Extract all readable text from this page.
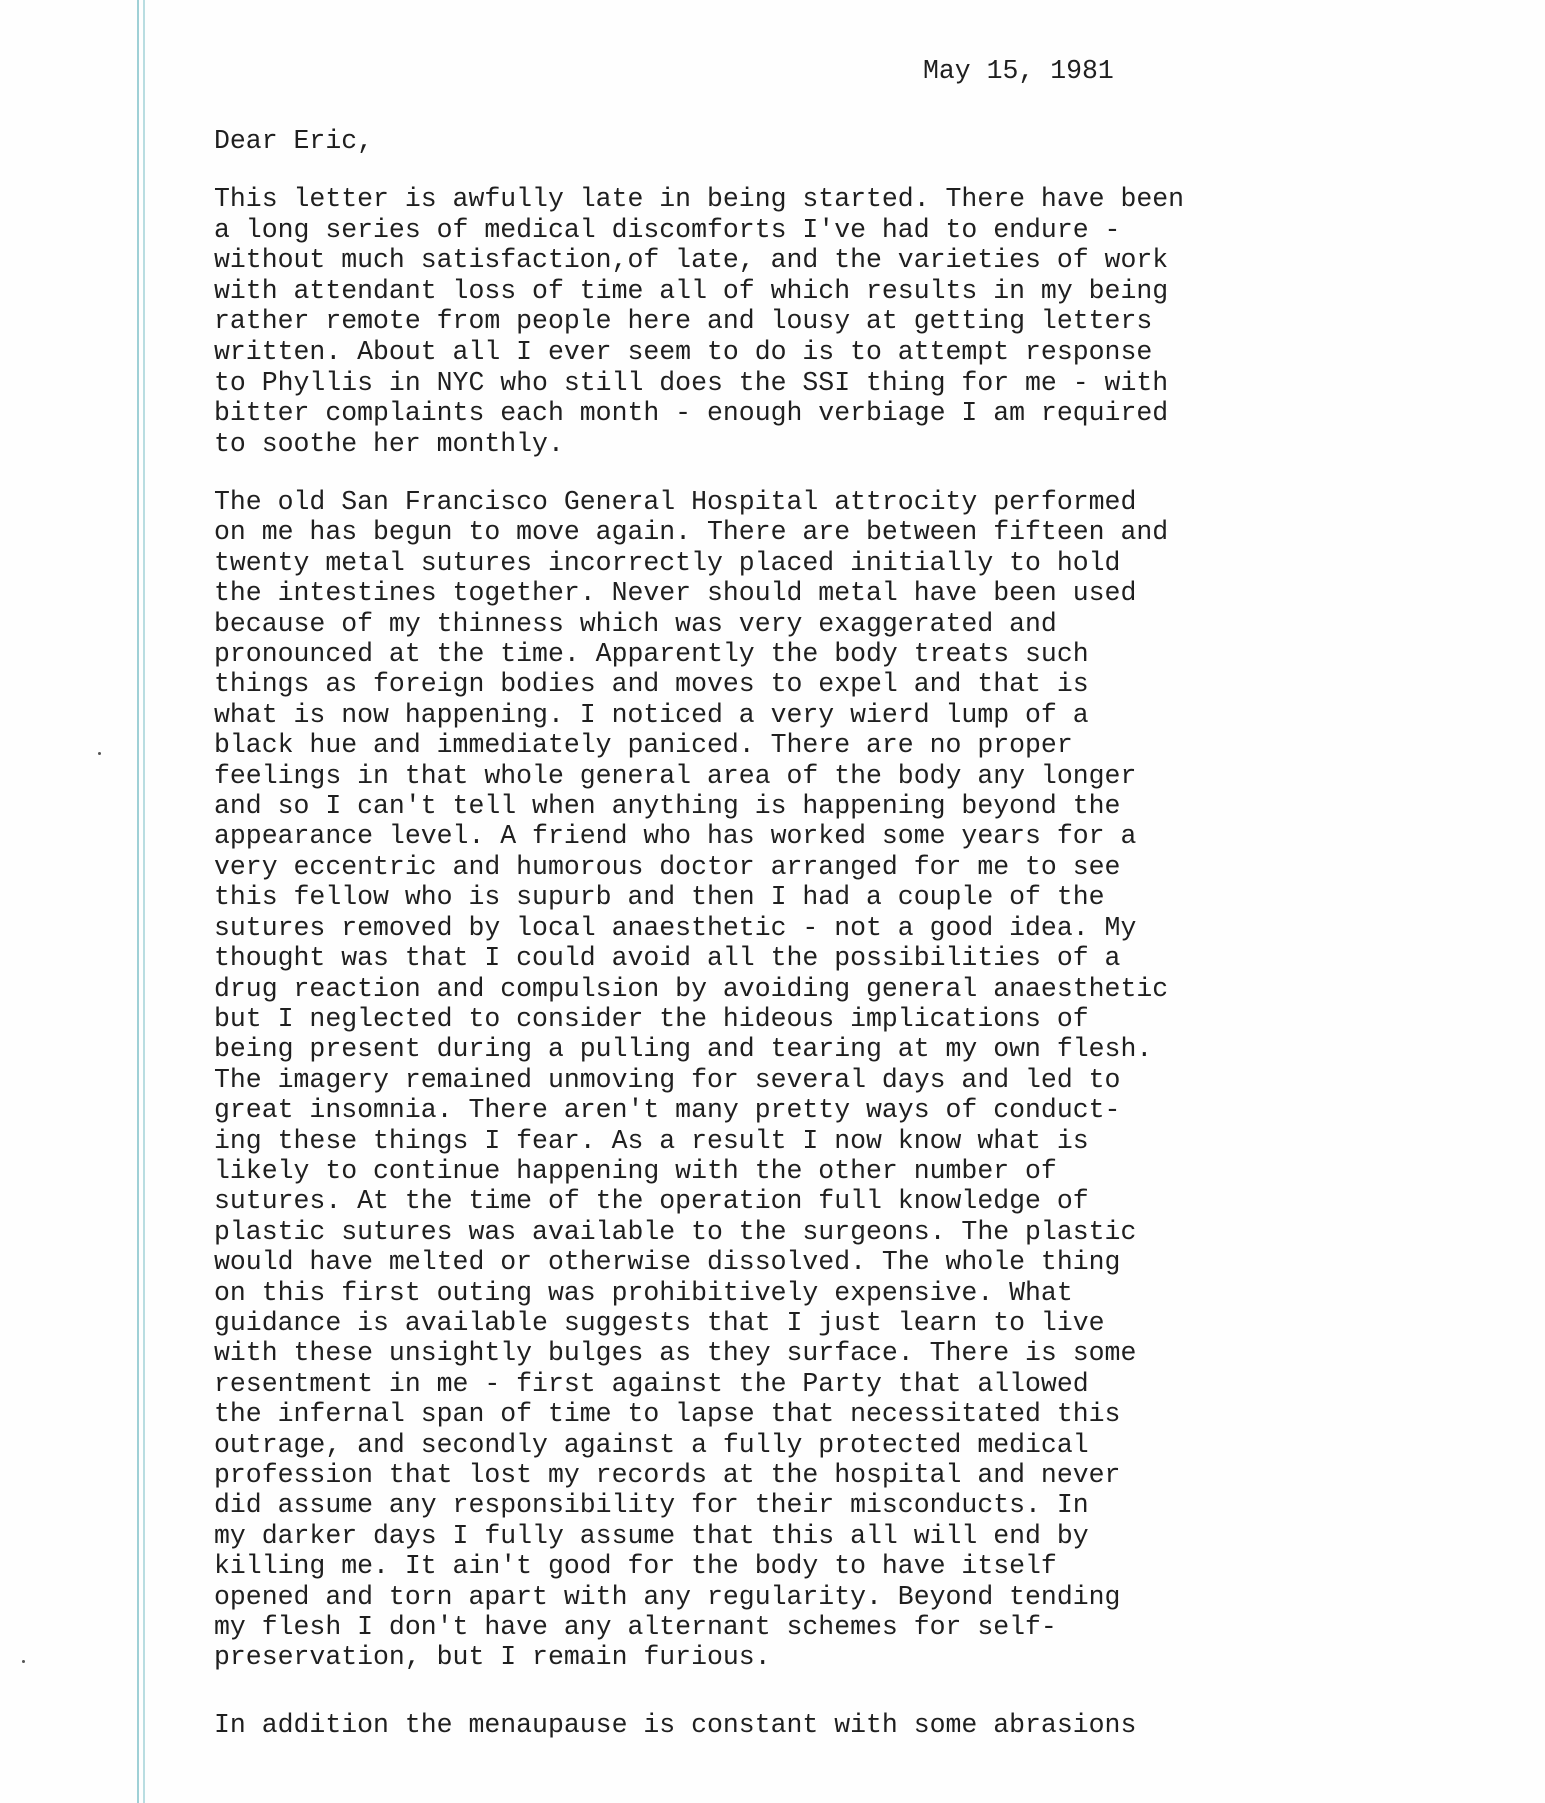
May 15, 1981
Dear Eric,
This letter is awfully late in being started. There have been
a long series of medical discomforts I've had to endure -
without much satisfaction,of late, and the varieties of work
with attendant loss of time all of which results in my being
rather remote from people here and lousy at getting letters
written. About all I ever seem to do is to attempt response
to Phyllis in NYC who still does the SSI thing for me - with
bitter complaints each month - enough verbiage I am required
to soothe her monthly.
The old San Francisco General Hospital attrocity performed
on me has begun to move again. There are between fifteen and
twenty metal sutures incorrectly placed initially to hold
the intestines together. Never should metal have been used
because of my thinness which was very exaggerated and
pronounced at the time. Apparently the body treats such
things as foreign bodies and moves to expel and that is
what is now happening. I noticed a very wierd lump of a
black hue and immediately paniced. There are no proper
feelings in that whole general area of the body any longer
and so I can't tell when anything is happening beyond the
appearance level. A friend who has worked some years for a
very eccentric and humorous doctor arranged for me to see
this fellow who is supurb and then I had a couple of the
sutures removed by local anaesthetic - not a good idea. My
thought was that I could avoid all the possibilities of a
drug reaction and compulsion by avoiding general anaesthetic
but I neglected to consider the hideous implications of
being present during a pulling and tearing at my own flesh.
The imagery remained unmoving for several days and led to
great insomnia. There aren't many pretty ways of conduct-
ing these things I fear. As a result I now know what is
likely to continue happening with the other number of
sutures. At the time of the operation full knowledge of
plastic sutures was available to the surgeons. The plastic
would have melted or otherwise dissolved. The whole thing
on this first outing was prohibitively expensive. What
guidance is available suggests that I just learn to live
with these unsightly bulges as they surface. There is some
resentment in me - first against the Party that allowed
the infernal span of time to lapse that necessitated this
outrage, and secondly against a fully protected medical
profession that lost my records at the hospital and never
did assume any responsibility for their misconducts. In
my darker days I fully assume that this all will end by
killing me. It ain't good for the body to have itself
opened and torn apart with any regularity. Beyond tending
my flesh I don't have any alternant schemes for self-
preservation, but I remain furious.
In addition the menaupause is constant with some abrasions
